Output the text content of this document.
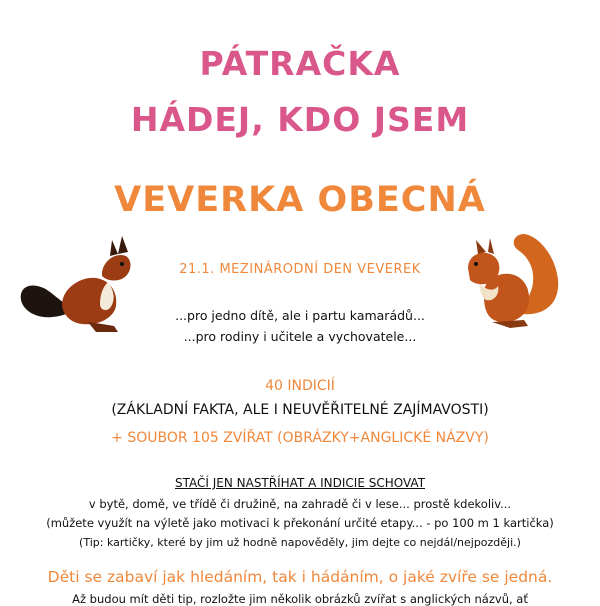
PÁTRAČKA
HÁDEJ, KDO JSEM
VEVERKA OBECNÁ
21.1. MEZINÁRODNÍ DEN VEVEREK
...pro jedno dítě, ale i partu kamarádů...
...pro rodiny i učitele a vychovatele...
40 INDICIÍ
(ZÁKLADNÍ FAKTA, ALE I NEUVĚŘITELNÉ ZAJÍMAVOSTI)
+ SOUBOR 105 ZVÍŘAT (OBRÁZKY+ANGLICKÉ NÁZVY)
STAČÍ JEN NASTŘÍHAT A INDICIE SCHOVAT
v bytě, domě, ve třídě či družině, na zahradě či v lese... prostě kdekoliv...
(můžete využít na výletě jako motivaci k překonání určité etapy... - po 100 m 1 kartička)
(Tip: kartičky, které by jim už hodně napověděly, jim dejte co nejdál/nejpozději.)
Děti se zabaví jak hledáním, tak i hádáním, o jaké zvíře se jedná.
Až budou mít děti tip, rozložte jim několik obrázků zvířat s anglických názvů, ať
